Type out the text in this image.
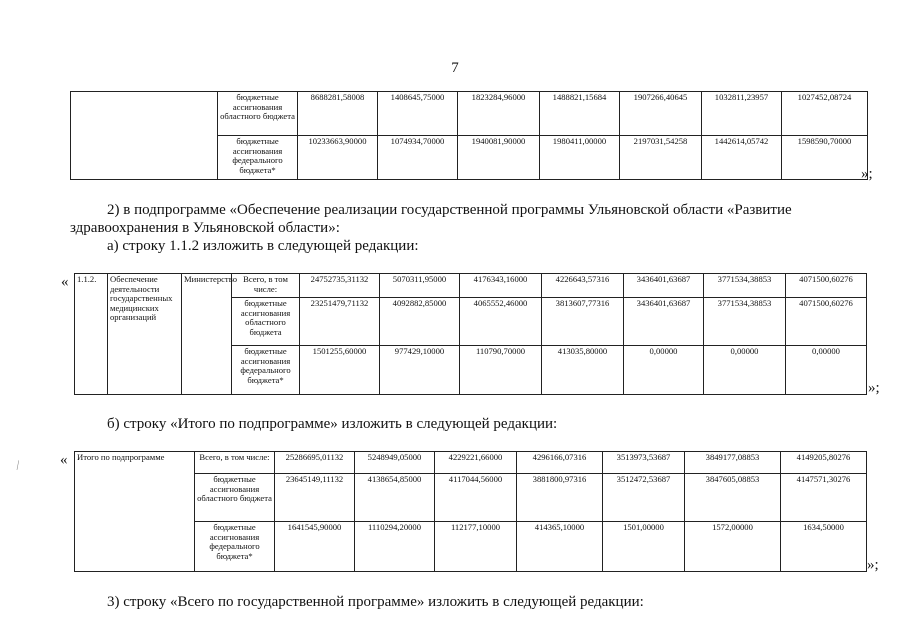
7
	бюджетные ассигнования областного бюджета	8688281,58008	1408645,75000	1823284,96000	1488821,15684	1907266,40645	1032811,23957	1027452,08724
	бюджетные ассигнования федерального бюджета*	10233663,90000	1074934,70000	1940081,90000	1980411,00000	2197031,54258	1442614,05742	1598590,70000
»;
2) в подпрограмме «Обеспечение реализации государственной программы Ульяновской области «Развитие
здравоохранения в Ульяновской области»:
а) строку 1.1.2 изложить в следующей редакции:
« 1.1.2.	Обеспечение деятельности государственных медицинских организаций	Министерство	Всего, в том числе:	24752735,31132	5070311,95000	4176343,16000	4226643,57316	3436401,63687	3771534,38853	4071500,60276
			бюджетные ассигнования областного бюджета	23251479,71132	4092882,85000	4065552,46000	3813607,77316	3436401,63687	3771534,38853	4071500,60276
			бюджетные ассигнования федерального бюджета*	1501255,60000	977429,10000	110790,70000	413035,80000	0,00000	0,00000	0,00000
»;
б) строку «Итого по подпрограмме» изложить в следующей редакции:
∕	« Итого по подпрограмме	Всего, в том числе:	25286695,01132	5248949,05000	4229221,66000	4296166,07316	3513973,53687	3849177,08853	4149205,80276
	бюджетные ассигнования областного бюджета	23645149,11132	4138654,85000	4117044,56000	3881800,97316	3512472,53687	3847605,08853	4147571,30276
	бюджетные ассигнования федерального бюджета*	1641545,90000	1110294,20000	112177,10000	414365,10000	1501,00000	1572,00000	1634,50000
»;
3) строку «Всего по государственной программе» изложить в следующей редакции:
